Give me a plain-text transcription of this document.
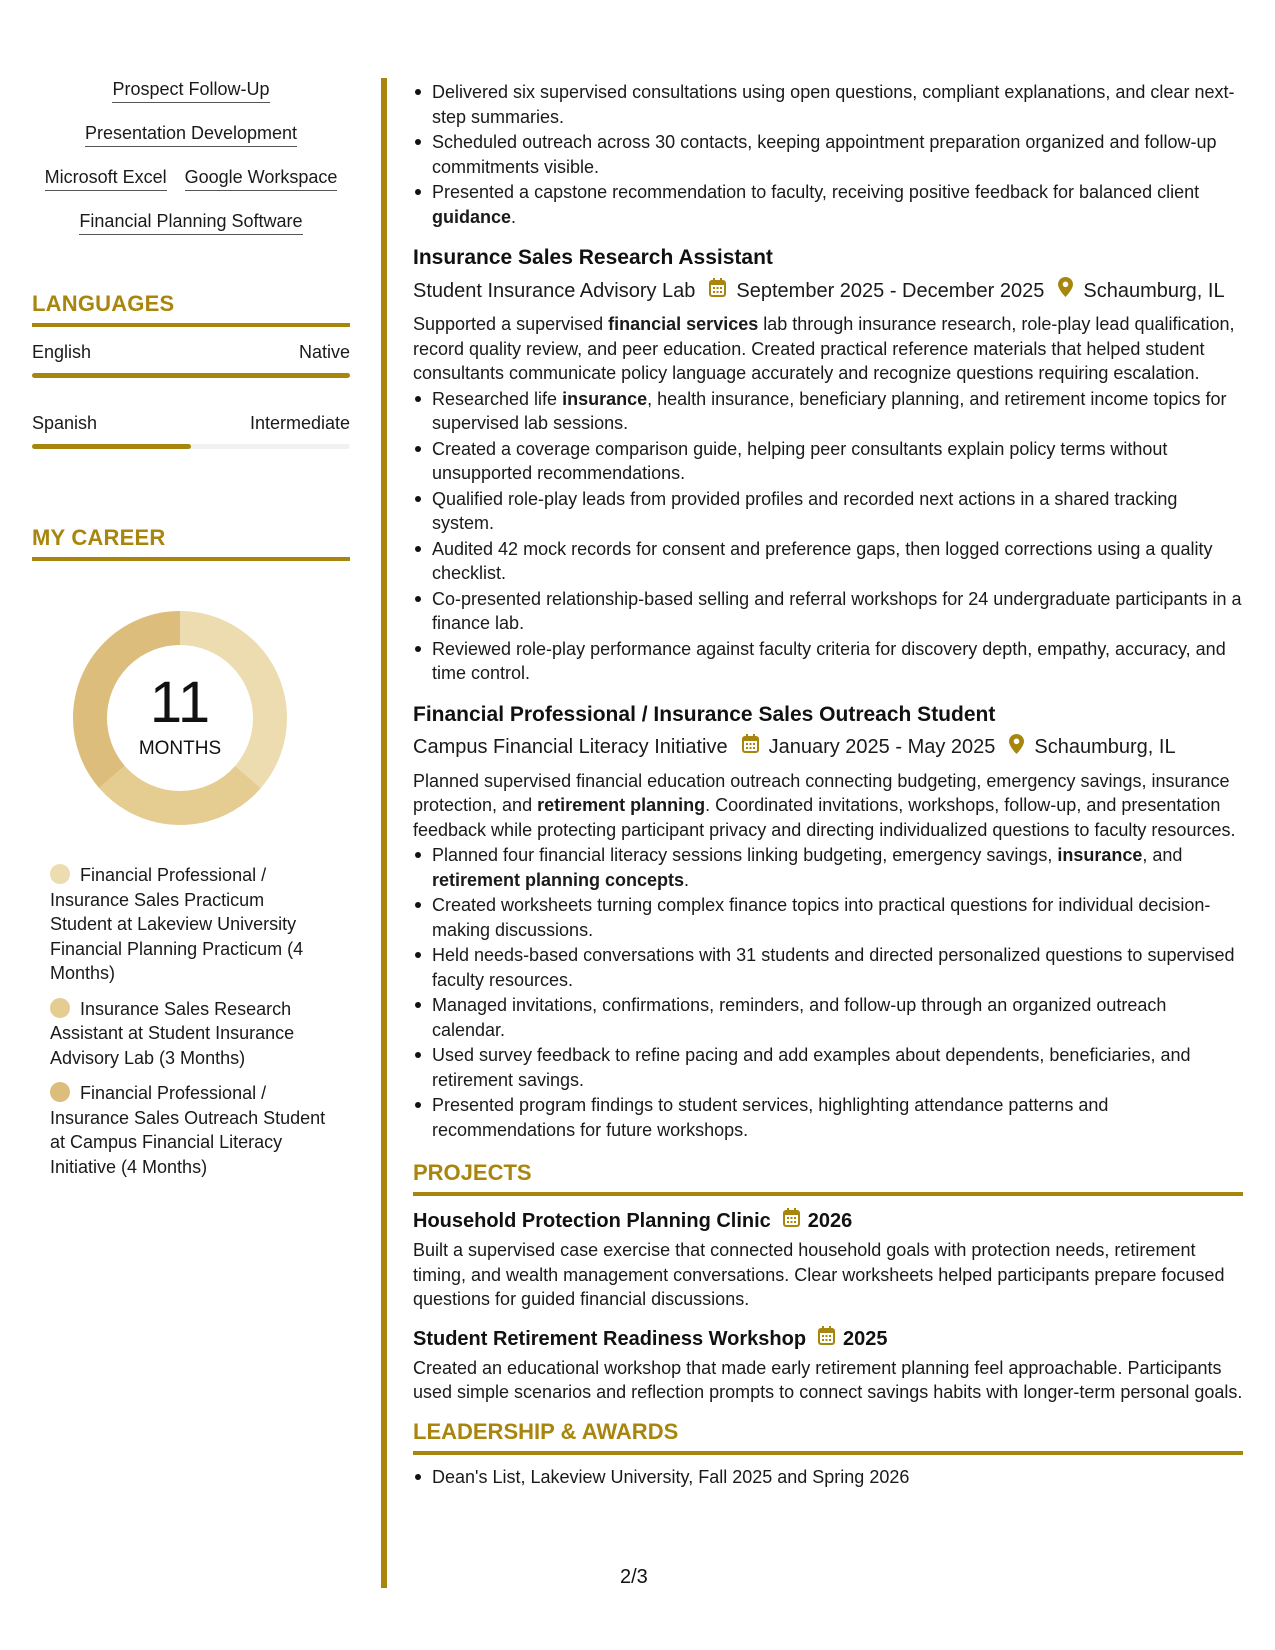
Prospect Follow-Up
Presentation Development
Microsoft Excel Google Workspace
Financial Planning Software
LANGUAGES
English	Native
Spanish	Intermediate
MY CAREER
11
MONTHS
Financial Professional / Insurance Sales Practicum Student at Lakeview University Financial Planning Practicum (4 Months)
Insurance Sales Research Assistant at Student Insurance Advisory Lab (3 Months)
Financial Professional / Insurance Sales Outreach Student at Campus Financial Literacy Initiative (4 Months)
Delivered six supervised consultations using open questions, compliant explanations, and clear next-step summaries.
Scheduled outreach across 30 contacts, keeping appointment preparation organized and follow-up commitments visible.
Presented a capstone recommendation to faculty, receiving positive feedback for balanced client guidance.
Insurance Sales Research Assistant
Student Insurance Advisory Lab September 2025 - December 2025 Schaumburg, IL
Supported a supervised financial services lab through insurance research, role-play lead qualification, record quality review, and peer education. Created practical reference materials that helped student consultants communicate policy language accurately and recognize questions requiring escalation.
Researched life insurance, health insurance, beneficiary planning, and retirement income topics for supervised lab sessions.
Created a coverage comparison guide, helping peer consultants explain policy terms without unsupported recommendations.
Qualified role-play leads from provided profiles and recorded next actions in a shared tracking system.
Audited 42 mock records for consent and preference gaps, then logged corrections using a quality checklist.
Co-presented relationship-based selling and referral workshops for 24 undergraduate participants in a finance lab.
Reviewed role-play performance against faculty criteria for discovery depth, empathy, accuracy, and time control.
Financial Professional / Insurance Sales Outreach Student
Campus Financial Literacy Initiative January 2025 - May 2025 Schaumburg, IL
Planned supervised financial education outreach connecting budgeting, emergency savings, insurance protection, and retirement planning. Coordinated invitations, workshops, follow-up, and presentation feedback while protecting participant privacy and directing individualized questions to faculty resources.
Planned four financial literacy sessions linking budgeting, emergency savings, insurance, and retirement planning concepts.
Created worksheets turning complex finance topics into practical questions for individual decision-making discussions.
Held needs-based conversations with 31 students and directed personalized questions to supervised faculty resources.
Managed invitations, confirmations, reminders, and follow-up through an organized outreach calendar.
Used survey feedback to refine pacing and add examples about dependents, beneficiaries, and retirement savings.
Presented program findings to student services, highlighting attendance patterns and recommendations for future workshops.
PROJECTS
Household Protection Planning Clinic 2026
Built a supervised case exercise that connected household goals with protection needs, retirement timing, and wealth management conversations. Clear worksheets helped participants prepare focused questions for guided financial discussions.
Student Retirement Readiness Workshop 2025
Created an educational workshop that made early retirement planning feel approachable. Participants used simple scenarios and reflection prompts to connect savings habits with longer-term personal goals.
LEADERSHIP & AWARDS
Dean's List, Lakeview University, Fall 2025 and Spring 2026
2/3
